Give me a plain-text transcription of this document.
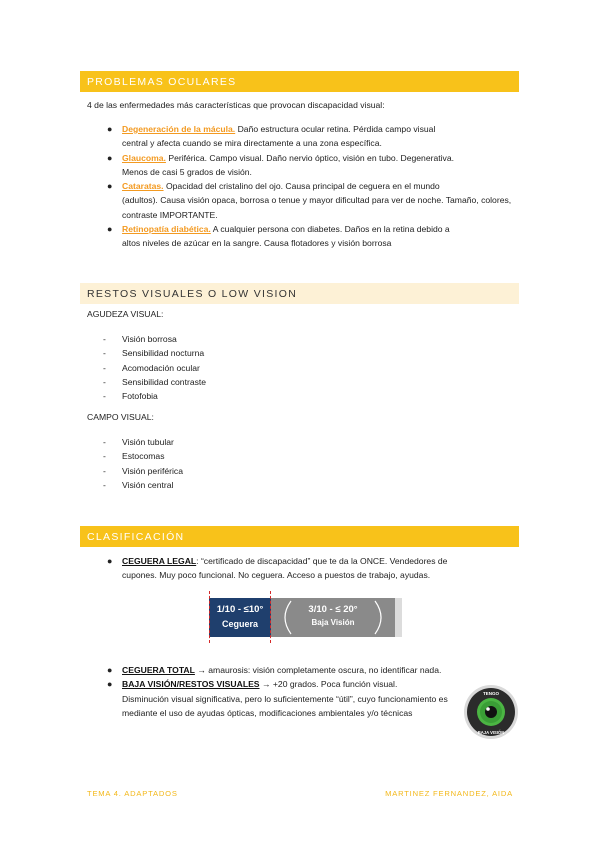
PROBLEMAS OCULARES

4 de las enfermedades más características que provocan discapacidad visual:

● Degeneración de la mácula. Daño estructura ocular retina. Pérdida campo visual
central y afecta cuando se mira directamente a una zona específica.
● Glaucoma. Periférica. Campo visual. Daño nervio óptico, visión en tubo. Degenerativa.
Menos de casi 5 grados de visión.
● Cataratas. Opacidad del cristalino del ojo. Causa principal de ceguera en el mundo
(adultos). Causa visión opaca, borrosa o tenue y mayor dificultad para ver de noche. Tamaño, colores, contraste IMPORTANTE.
● Retinopatía diabética. A cualquier persona con diabetes. Daños en la retina debido a
altos niveles de azúcar en la sangre. Causa flotadores y visión borrosa
RESTOS VISUALES O LOW VISION

AGUDEZA VISUAL:

- Visión borrosa
- Sensibilidad nocturna
- Acomodación ocular
- Sensibilidad contraste
- Fotofobia

CAMPO VISUAL:

- Visión tubular
- Estocomas
- Visión periférica
- Visión central
CLASIFICACIÓN
● CEGUERA LEGAL: “certificado de discapacidad” que te da la ONCE. Vendedores de
cupones. Muy poco funcional. No ceguera. Acceso a puestos de trabajo, ayudas.
1/10 - ≤10°
Ceguera
3/10 - ≤ 20°
Baja Visión
● CEGUERA TOTAL → amaurosis: visión completamente oscura, no identificar nada.
● BAJA VISIÓN/RESTOS VISUALES → +20 grados. Poca función visual.
Disminución visual significativa, pero lo suficientemente “útil”, cuyo funcionamiento es mediante el uso de ayudas ópticas, modificaciones ambientales y/o técnicas
TENGO
BAJA VISIÓN
TEMA 4. ADAPTADOS	MARTINEZ FERNANDEZ, AIDA
